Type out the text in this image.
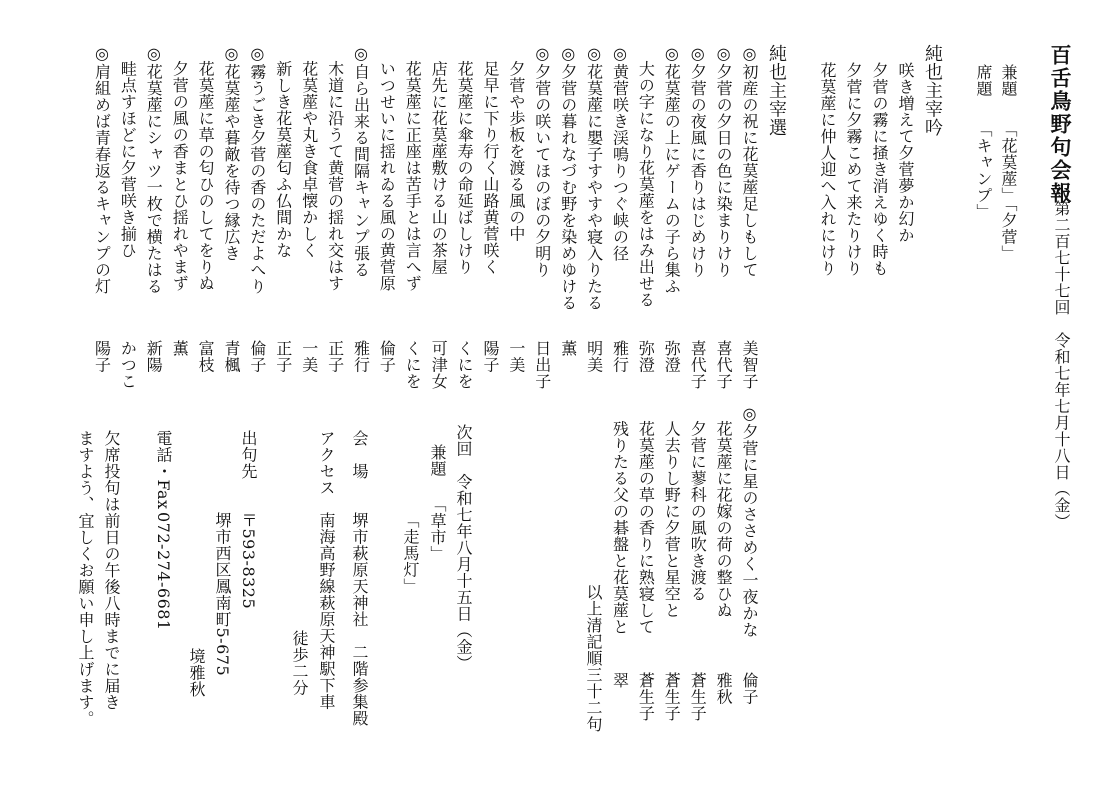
百舌鳥野句会報
第二百七十七回　令和七年七月十八日（金）
兼題「花茣蓙」「夕菅」
席題「キャンプ」
純也主宰吟
咲き増えて夕菅夢か幻か
夕菅の霧に掻き消えゆく時も
夕菅に夕霧こめて来たりけり
花茣蓙に仲人迎へ入れにけり
純也主宰選
◎初産の祝に花茣蓙足しもして
美智子
◎夕菅の夕日の色に染まりけり
喜代子
◎夕菅の夜風に香りはじめけり
喜代子
◎花茣蓙の上にゲームの子ら集ふ
弥澄
　大の字になり花茣蓙をはみ出せる
弥澄
◎黄菅咲き渓鳴りつぐ峡の径
雅行
◎花茣蓙に嬰子すやすや寝入りたる
明美
◎夕菅の暮れなづむ野を染めゆける
薫
◎夕菅の咲いてほのぼの夕明り
日出子
　夕菅や歩板を渡る風の中
一美
　足早に下り行く山路黄菅咲く
陽子
　花茣蓙に傘寿の命延ばしけり
くにを
　店先に花茣蓙敷ける山の茶屋
可津女
　花茣蓙に正座は苦手とは言へず
くにを
　いつせいに揺れゐる風の黄菅原
倫子
◎自ら出来る間隔キャンプ張る
雅行
　木道に沿うて黄菅の揺れ交はす
正子
　花茣蓙や丸き食卓懐かしく
一美
　新しき花茣蓙匂ふ仏間かな
正子
◎霧うごき夕菅の香のただよへり
倫子
◎花茣蓙や暮敵を待つ縁広き
青楓
　花茣蓙に草の匂ひのしてをりぬ
富枝
　夕菅の風の香まとひ揺れやまず
薫
◎花茣蓙にシャツ一枚で横たはる
新陽
　畦点すほどに夕菅咲き揃ひ
かつこ
◎肩組めば青春返るキャンプの灯
陽子
◎夕菅に星のささめく一夜かな
倫子
　花茣蓙に花嫁の荷の整ひぬ
雅秋
　夕菅に蓼科の風吹き渡る
蒼生子
　人去りし野に夕菅と星空と
蒼生子
　花茣蓙の草の香りに熟寝して
蒼生子
　残りたる父の碁盤と花茣蓙と
翠
以上清記順三十二句
次回　令和七年八月十五日（金）
兼題
「草市」
「走馬灯」
会　場
堺市萩原天神社　二階参集殿
アクセス
南海高野線萩原天神駅下車
徒歩二分
出句先
〒593-8325
堺市西区鳳南町5-675
境雅秋
電話・Fax
072-274-6681
欠席投句は前日の午後八時までに届き
ますよう、宜しくお願い申し上げます。
